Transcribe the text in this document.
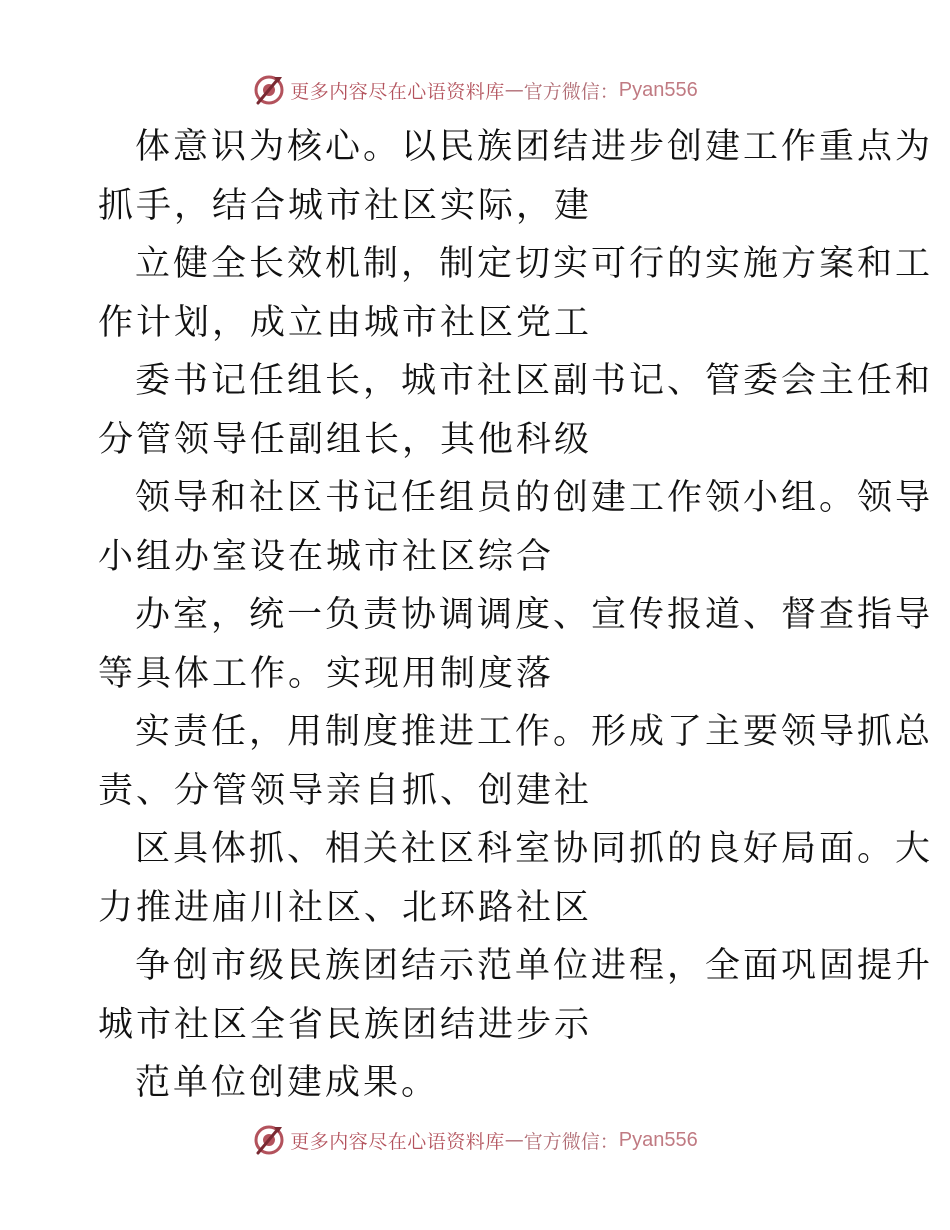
更多内容尽在心语资料库 — 官方微信： Pyan556
体意识为核心。以民族团结进步创建工作重点为
抓手，结合城市社区实际，建
立健全长效机制，制定切实可行的实施方案和工
作计划，成立由城市社区党工
委书记任组长，城市社区副书记、管委会主任和
分管领导任副组长，其他科级
领导和社区书记任组员的创建工作领小组。领导
小组办室设在城市社区综合
办室，统一负责协调调度、宣传报道、督查指导
等具体工作。实现用制度落
实责任，用制度推进工作。形成了主要领导抓总
责、分管领导亲自抓、创建社
区具体抓、相关社区科室协同抓的良好局面。大
力推进庙川社区、北环路社区
争创市级民族团结示范单位进程，全面巩固提升
城市社区全省民族团结进步示
范单位创建成果。
更多内容尽在心语资料库 — 官方微信： Pyan556
